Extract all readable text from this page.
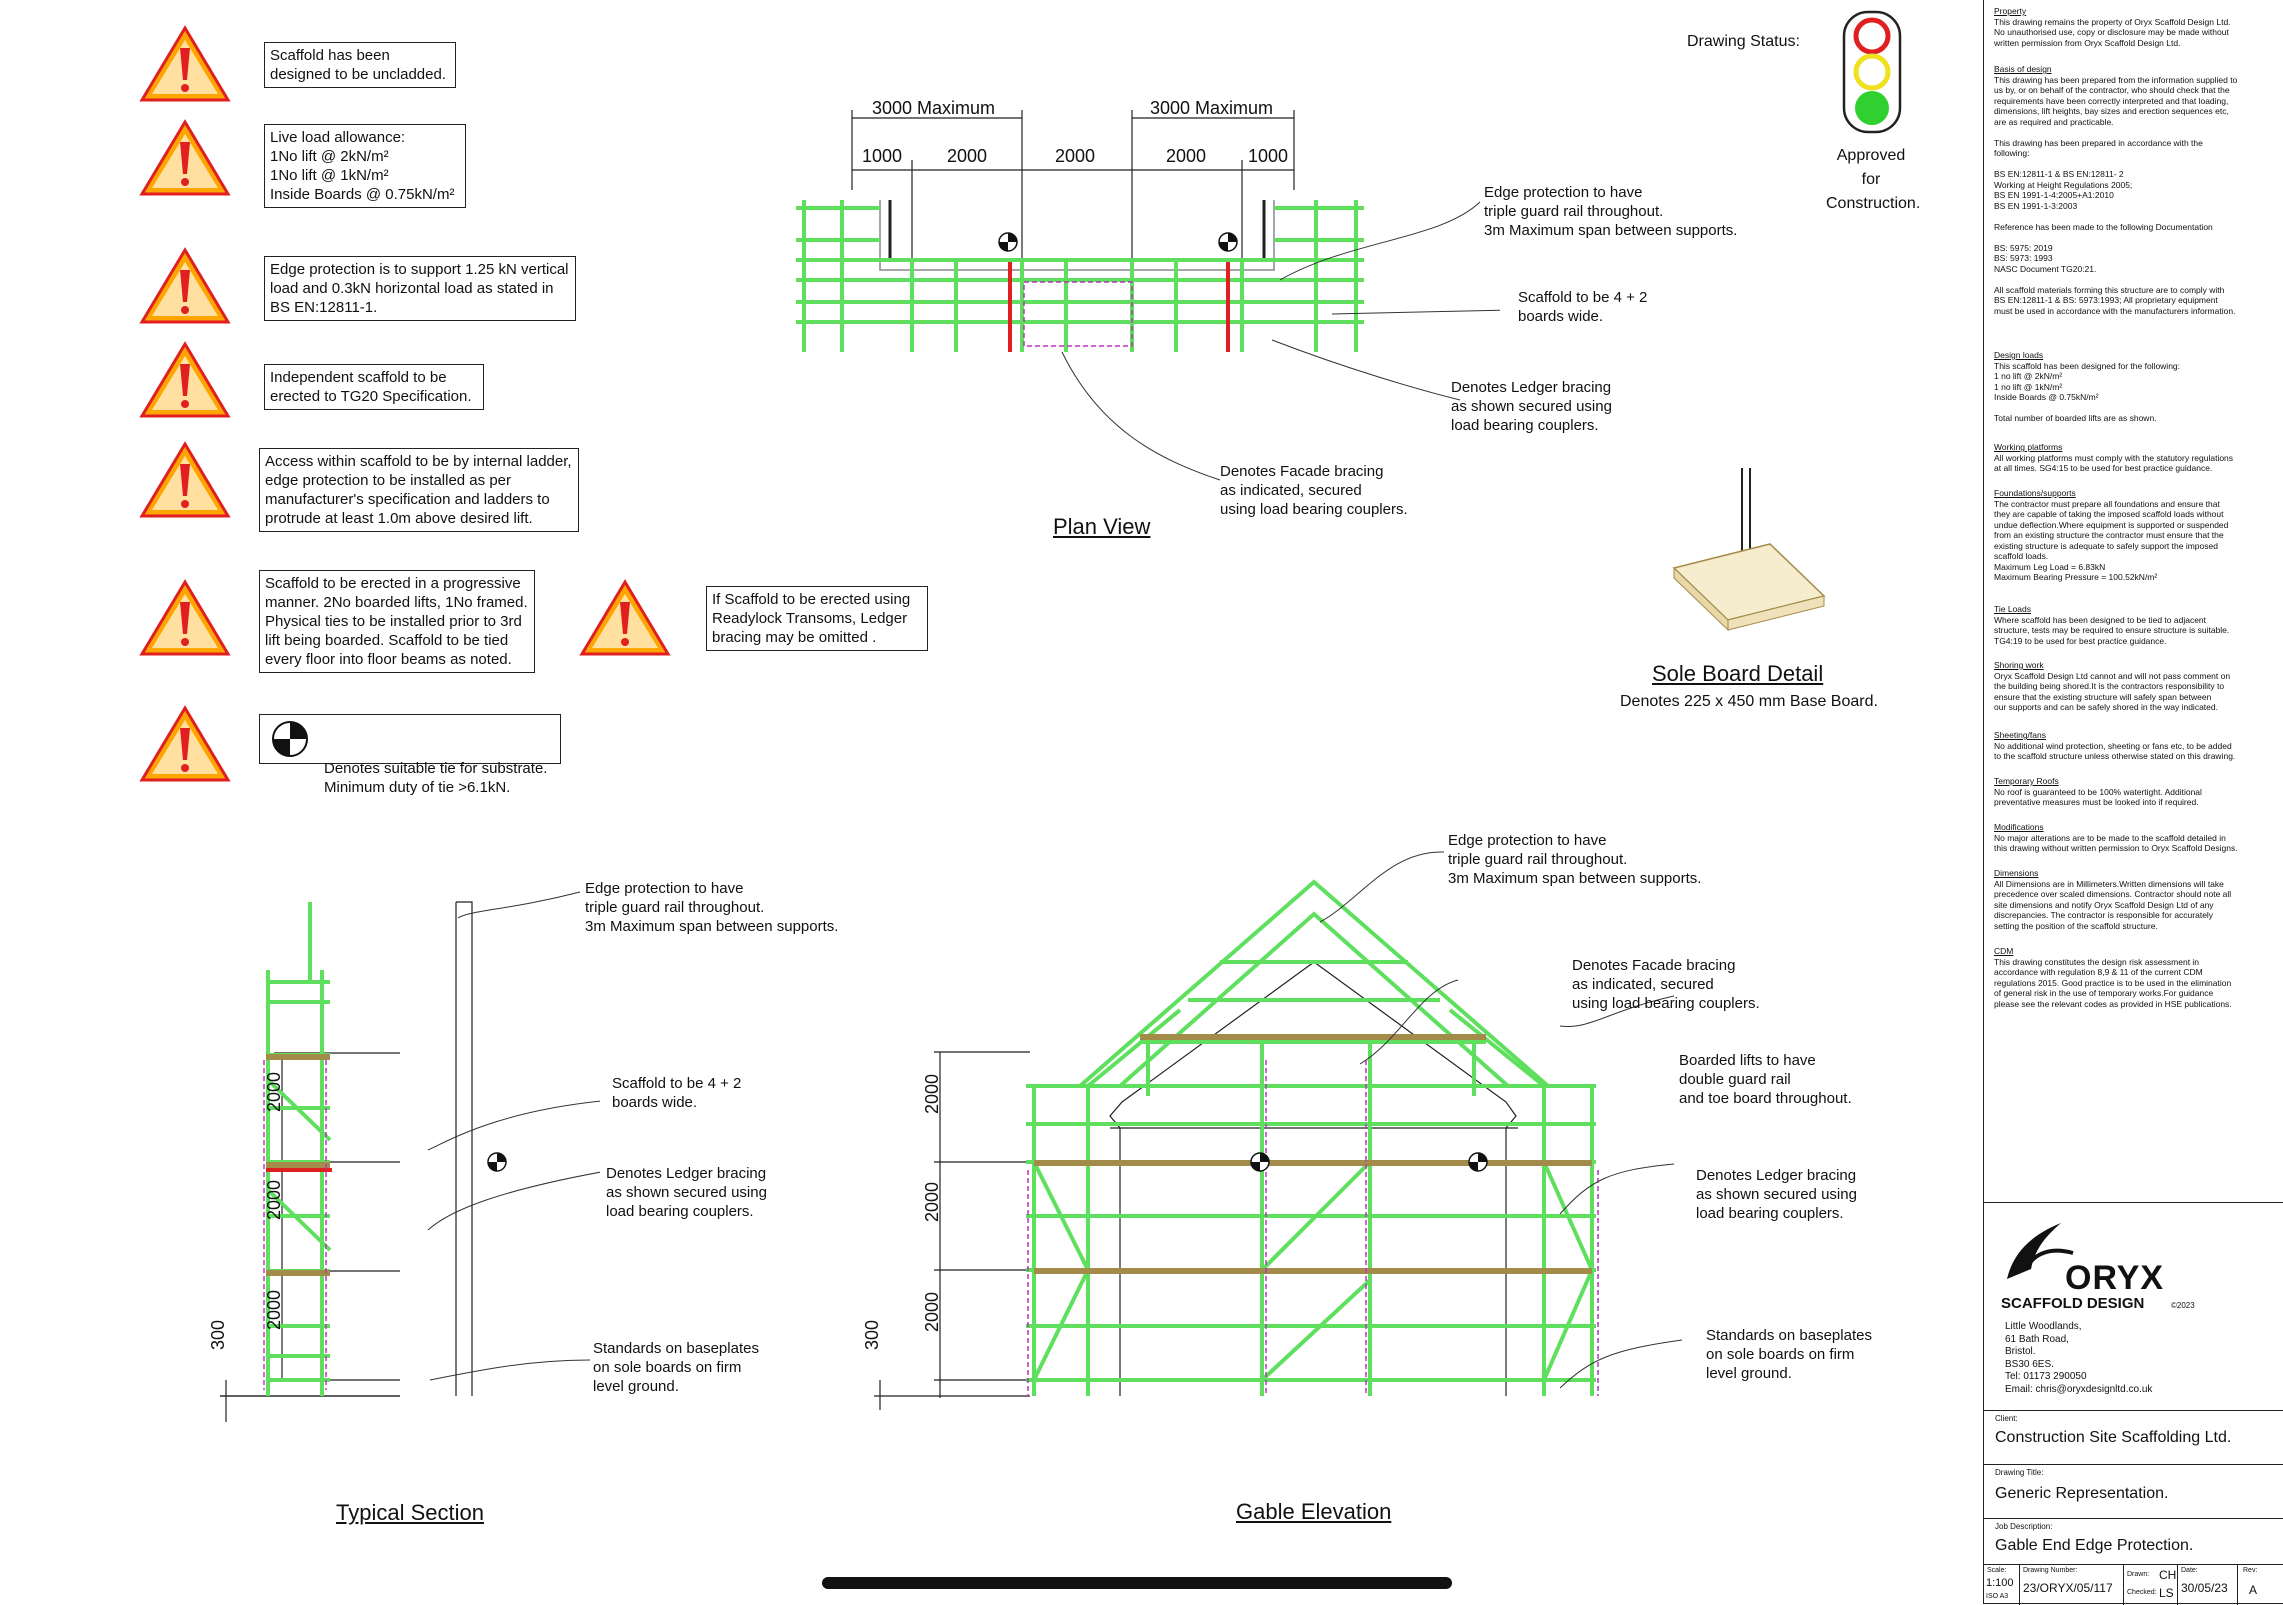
Scaffold has been
designed to be uncladded.
Live load allowance:
1No lift @ 2kN/m²
1No lift @ 1kN/m²
Inside Boards @ 0.75kN/m²
Edge protection is to support 1.25 kN vertical
load and 0.3kN horizontal load as stated in
BS EN:12811-1.
Independent scaffold to be
erected to TG20 Specification.
Access within scaffold to be by internal ladder,
edge protection to be installed as per
manufacturer's specification and ladders to
protrude at least 1.0m above desired lift.
Scaffold to be erected in a progressive
manner. 2No boarded lifts, 1No framed.
Physical ties to be installed prior to 3rd
lift being boarded. Scaffold to be tied
every floor into floor beams as noted.
If Scaffold to be erected using
Readylock Transoms, Ledger
bracing may be omitted .

Denotes suitable tie for substrate.
Minimum duty of tie >6.1kN.

Drawing Status:
Approved for
Construction.
3000 Maximum	3000 Maximum
1000 2000	2000	2000 1000
Edge protection to have
triple guard rail throughout.
3m Maximum span between supports.
Scaffold to be 4 + 2
boards wide.
Denotes Ledger bracing
as shown secured using
load bearing couplers.
Denotes Facade bracing
as indicated, secured
using load bearing couplers.
Plan View
Sole Board Detail
Denotes 225 x 450 mm Base Board.
2000
2000
2000
300
Edge protection to have
triple guard rail throughout.
3m Maximum span between supports.
Scaffold to be 4 + 2
boards wide.
Denotes Ledger bracing
as shown secured using
load bearing couplers.
Standards on baseplates
on sole boards on firm
level ground.
Typical Section
2000
2000
2000
300
Edge protection to have
triple guard rail throughout.
3m Maximum span between supports.
Denotes Facade bracing
as indicated, secured
using load bearing couplers.
Boarded lifts to have
double guard rail
and toe board throughout.
Denotes Ledger bracing
as shown secured using
load bearing couplers.
Standards on baseplates
on sole boards on firm
level ground.
Gable Elevation
Property
This drawing remains the property of Oryx Scaffold Design Ltd.
No unauthorised use, copy or disclosure may be made without
written permission from Oryx Scaffold Design Ltd.
Basis of design
This drawing has been prepared from the information supplied to
us by, or on behalf of the contractor, who should check that the
requirements have been correctly interpreted and that loading,
dimensions, lift heights, bay sizes and erection sequences etc,
are as required and practicable.

This drawing has been prepared in accordance with the
following:

BS EN:12811-1 & BS EN:12811- 2
Working at Height Regulations 2005;
BS EN 1991-1-4:2005+A1:2010
BS EN 1991-1-3:2003

Reference has been made to the following Documentation

BS: 5975: 2019
BS: 5973: 1993
NASC Document TG20:21.

All scaffold materials forming this structure are to comply with
BS EN:12811-1 & BS: 5973:1993; All proprietary equipment
must be used in accordance with the manufacturers information.
Design loads
This scaffold has been designed for the following:
1 no lift @ 2kN/m²
1 no lift @ 1kN/m²
Inside Boards @ 0.75kN/m²

Total number of boarded lifts are as shown.
Working platforms
All working platforms must comply with the statutory regulations
at all times. SG4:15 to be used for best practice guidance.
Foundations/supports
The contractor must prepare all foundations and ensure that
they are capable of taking the imposed scaffold loads without
undue deflection.Where equipment is supported or suspended
from an existing structure the contractor must ensure that the
existing structure is adequate to safely support the imposed
scaffold loads.
Maximum Leg Load = 6.83kN
Maximum Bearing Pressure = 100.52kN/m²
Tie Loads
Where scaffold has been designed to be tied to adjacent
structure, tests may be required to ensure structure is suitable.
TG4:19 to be used for best practice guidance.
Shoring work
Oryx Scaffold Design Ltd cannot and will not pass comment on
the building being shored.It is the contractors responsibility to
ensure that the existing structure will safely span between
our supports and can be safely shored in the way indicated.
Sheeting/fans
No additional wind protection, sheeting or fans etc, to be added
to the scaffold structure unless otherwise stated on this drawing.
Temporary Roofs
No roof is guaranteed to be 100% watertight. Additional
preventative measures must be looked into if required.
Modifications
No major alterations are to be made to the scaffold detailed in
this drawing without written permission to Oryx Scaffold Designs.
Dimensions
All Dimensions are in Millimeters.Written dimensions will take
precedence over scaled dimensions. Contractor should note all
site dimensions and notify Oryx Scaffold Design Ltd of any
discrepancies. The contractor is responsible for accurately
setting the position of the scaffold structure.
CDM
This drawing constitutes the design risk assessment in
accordance with regulation 8,9 & 11 of the current CDM
regulations 2015. Good practice is to be used in the elimination
of general risk in the use of temporary works.For guidance
please see the relevant codes as provided in HSE publications.
ORYX
SCAFFOLD DESIGN	©2023
Little Woodlands,
61 Bath Road,
Bristol.
BS30 6ES.
Tel: 01173 290050
Email: chris@oryxdesignltd.co.uk
Client:
Construction Site Scaffolding Ltd.
Drawing Title:
Generic Representation.
Job Description:
Gable End Edge Protection.
Scale:
1:100
ISO A3
Drawing Number:
23/ORYX/05/117
Drawn: CH
Checked: LS
Date:
30/05/23
Rev:
A
